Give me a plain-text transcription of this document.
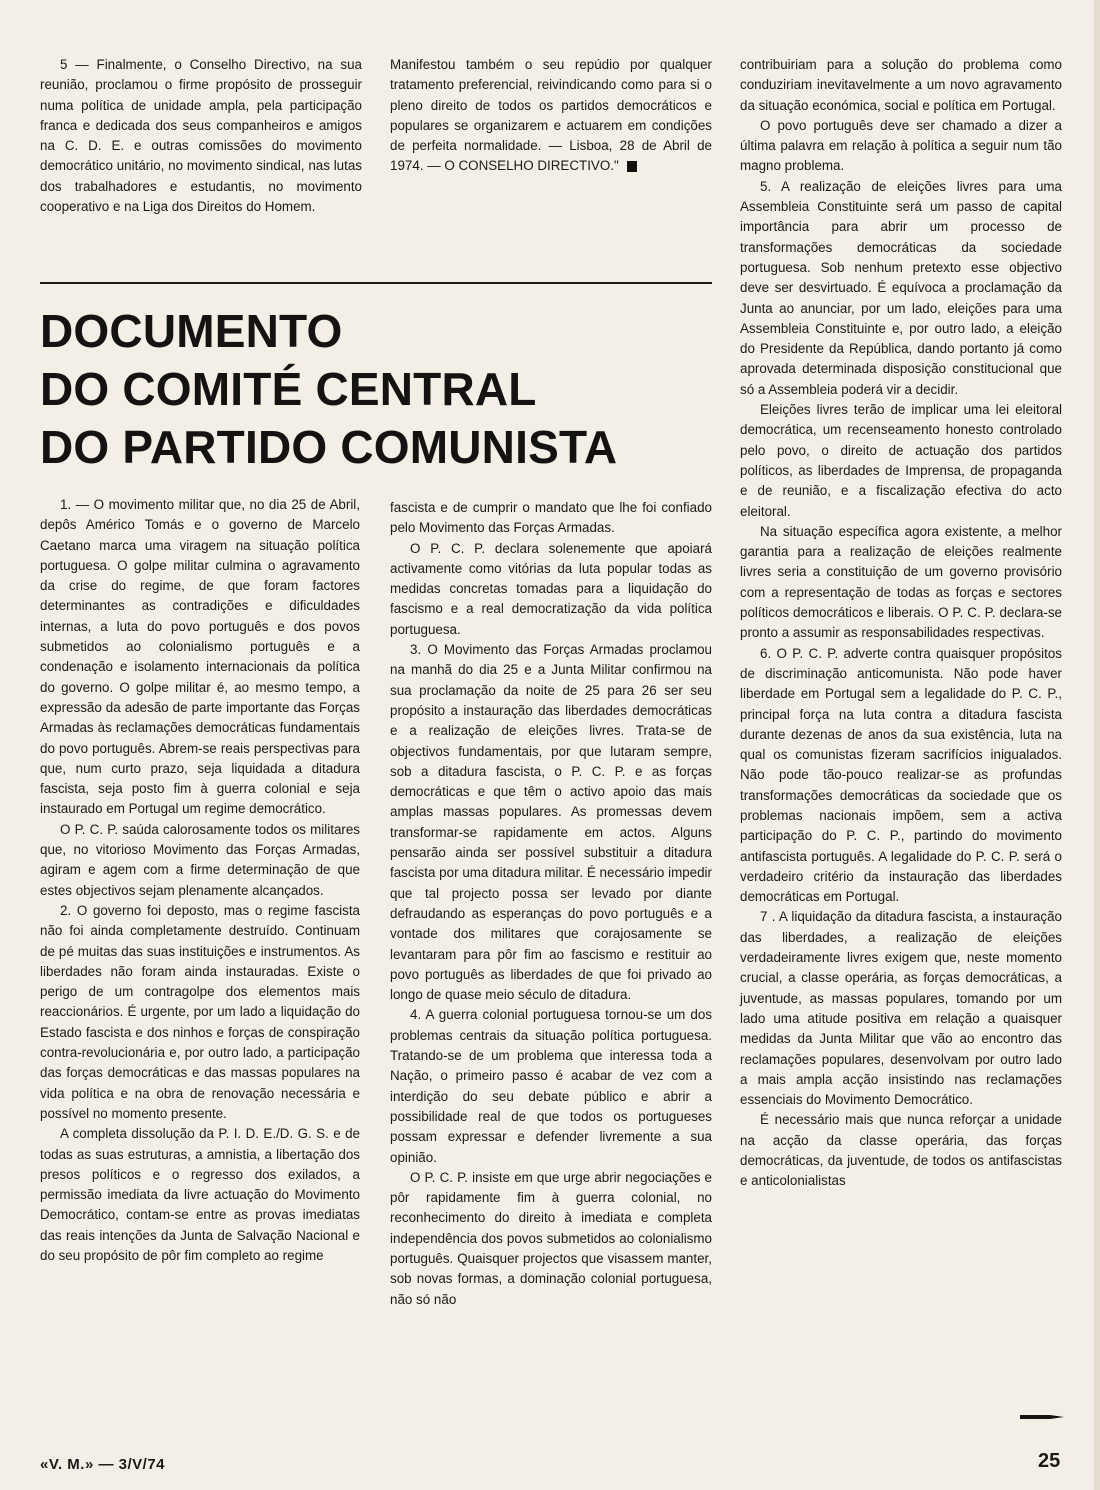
5 — Finalmente, o Conselho Directivo, na sua reunião, proclamou o firme propósito de prosseguir numa política de unidade ampla, pela participação franca e dedicada dos seus companheiros e amigos na C. D. E. e outras comissões do movimento democrático unitário, no movimento sindical, nas lutas dos trabalhadores e estudantis, no movimento cooperativo e na Liga dos Direitos do Homem.

Manifestou também o seu repúdio por qualquer tratamento preferencial, reivindicando como para si o pleno direito de todos os partidos democráticos e populares se organizarem e actuarem em condições de perfeita normalidade. — Lisboa, 28 de Abril de 1974. — O CONSELHO DIRECTIVO."

DOCUMENTO
DO COMITÉ CENTRAL
DO PARTIDO COMUNISTA

1. — O movimento militar que, no dia 25 de Abril, depôs Américo Tomás e o governo de Marcelo Caetano marca uma viragem na situação política portuguesa. O golpe militar culmina o agravamento da crise do regime, de que foram factores determinantes as contradições e dificuldades internas, a luta do povo português e dos povos submetidos ao colonialismo português e a condenação e isolamento internacionais da política do governo. O golpe militar é, ao mesmo tempo, a expressão da adesão de parte importante das Forças Armadas às reclamações democráticas fundamentais do povo português. Abrem-se reais perspectivas para que, num curto prazo, seja liquidada a ditadura fascista, seja posto fim à guerra colonial e seja instaurado em Portugal um regime democrático.

O P. C. P. saúda calorosamente todos os militares que, no vitorioso Movimento das Forças Armadas, agiram e agem com a firme determinação de que estes objectivos sejam plenamente alcançados.

2. O governo foi deposto, mas o regime fascista não foi ainda completamente destruído. Continuam de pé muitas das suas instituições e instrumentos. As liberdades não foram ainda instauradas. Existe o perigo de um contragolpe dos elementos mais reaccionários. É urgente, por um lado a liquidação do Estado fascista e dos ninhos e forças de conspiração contra-revolucionária e, por outro lado, a participação das forças democráticas e das massas populares na vida política e na obra de renovação necessária e possível no momento presente.

A completa dissolução da P. I. D. E./D. G. S. e de todas as suas estruturas, a amnistia, a libertação dos presos políticos e o regresso dos exilados, a permissão imediata da livre actuação do Movimento Democrático, contam-se entre as provas imediatas das reais intenções da Junta de Salvação Nacional e do seu propósito de pôr fim completo ao regime

fascista e de cumprir o mandato que lhe foi confiado pelo Movimento das Forças Armadas.

O P. C. P. declara solenemente que apoiará activamente como vitórias da luta popular todas as medidas concretas tomadas para a liquidação do fascismo e a real democratização da vida política portuguesa.

3. O Movimento das Forças Armadas proclamou na manhã do dia 25 e a Junta Militar confirmou na sua proclamação da noite de 25 para 26 ser seu propósito a instauração das liberdades democráticas e a realização de eleições livres. Trata-se de objectivos fundamentais, por que lutaram sempre, sob a ditadura fascista, o P. C. P. e as forças democráticas e que têm o activo apoio das mais amplas massas populares. As promessas devem transformar-se rapidamente em actos. Alguns pensarão ainda ser possível substituir a ditadura fascista por uma ditadura militar. É necessário impedir que tal projecto possa ser levado por diante defraudando as esperanças do povo português e a vontade dos militares que corajosamente se levantaram para pôr fim ao fascismo e restituir ao povo português as liberdades de que foi privado ao longo de quase meio século de ditadura.

4. A guerra colonial portuguesa tornou-se um dos problemas centrais da situação política portuguesa. Tratando-se de um problema que interessa toda a Nação, o primeiro passo é acabar de vez com a interdição do seu debate público e abrir a possibilidade real de que todos os portugueses possam expressar e defender livremente a sua opinião.

O P. C. P. insiste em que urge abrir negociações e pôr rapidamente fim à guerra colonial, no reconhecimento do direito à imediata e completa independência dos povos submetidos ao colonialismo português. Quaisquer projectos que visassem manter, sob novas formas, a dominação colonial portuguesa, não só não

contribuiriam para a solução do problema como conduziriam inevitavelmente a um novo agravamento da situação económica, social e política em Portugal.

O povo português deve ser chamado a dizer a última palavra em relação à política a seguir num tão magno problema.

5. A realização de eleições livres para uma Assembleia Constituinte será um passo de capital importância para abrir um processo de transformações democráticas da sociedade portuguesa. Sob nenhum pretexto esse objectivo deve ser desvirtuado. É equívoca a proclamação da Junta ao anunciar, por um lado, eleições para uma Assembleia Constituinte e, por outro lado, a eleição do Presidente da República, dando portanto já como aprovada determinada disposição constitucional que só a Assembleia poderá vir a decidir.

Eleições livres terão de implicar uma lei eleitoral democrática, um recenseamento honesto controlado pelo povo, o direito de actuação dos partidos políticos, as liberdades de Imprensa, de propaganda e de reunião, e a fiscalização efectiva do acto eleitoral.

Na situação específica agora existente, a melhor garantia para a realização de eleições realmente livres seria a constituição de um governo provisório com a representação de todas as forças e sectores políticos democráticos e liberais. O P. C. P. declara-se pronto a assumir as responsabilidades respectivas.

6. O P. C. P. adverte contra quaisquer propósitos de discriminação anticomunista. Não pode haver liberdade em Portugal sem a legalidade do P. C. P., principal força na luta contra a ditadura fascista durante dezenas de anos da sua existência, luta na qual os comunistas fizeram sacrifícios inigualados. Não pode tão-pouco realizar-se as profundas transformações democráticas da sociedade que os problemas nacionais impõem, sem a activa participação do P. C. P., partindo do movimento antifascista português. A legalidade do P. C. P. será o verdadeiro critério da instauração das liberdades democráticas em Portugal.

7 . A liquidação da ditadura fascista, a instauração das liberdades, a realização de eleições verdadeiramente livres exigem que, neste momento crucial, a classe operária, as forças democráticas, a juventude, as massas populares, tomando por um lado uma atitude positiva em relação a quaisquer medidas da Junta Militar que vão ao encontro das reclamações populares, desenvolvam por outro lado a mais ampla acção insistindo nas reclamações essenciais do Movimento Democrático.

É necessário mais que nunca reforçar a unidade na acção da classe operária, das forças democráticas, da juventude, de todos os antifascistas e anticolonialistas

«V. M.» — 3/V/74	25
